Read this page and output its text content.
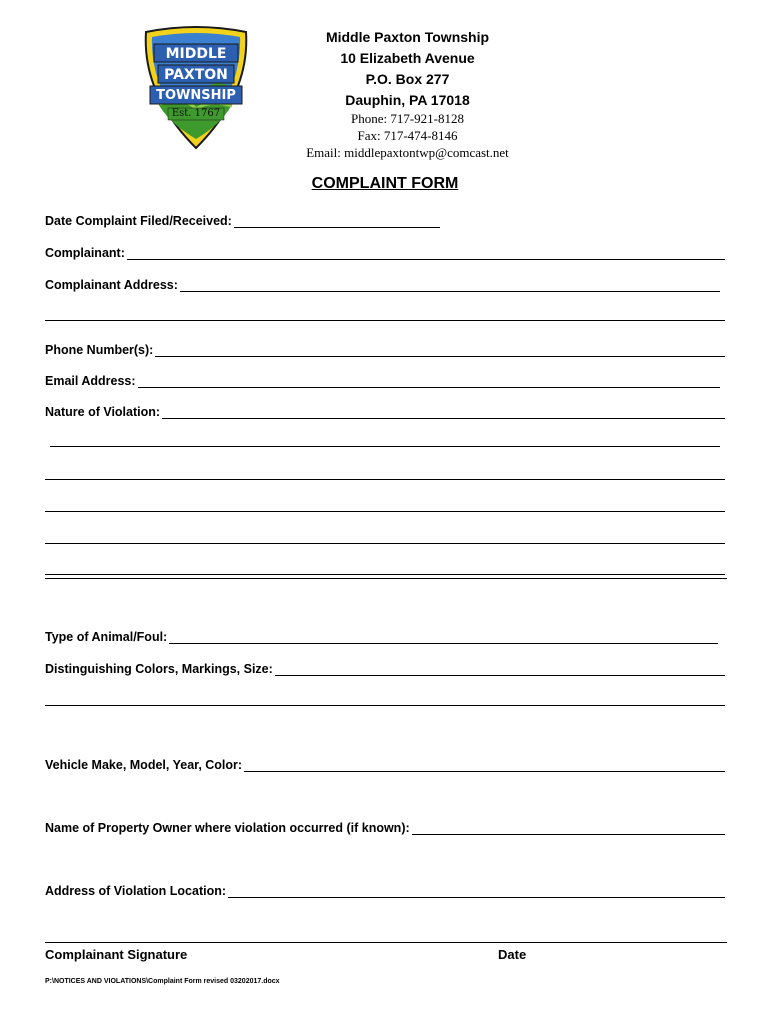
MIDDLE
PAXTON
TOWNSHIP
Est. 1767
Middle Paxton Township
10 Elizabeth Avenue
P.O. Box 277
Dauphin, PA 17018
Phone: 717-921-8128
Fax: 717-474-8146
Email: middlepaxtontwp@comcast.net
COMPLAINT FORM
Date Complaint Filed/Received:
Complainant:
Complainant Address:
Phone Number(s):
Email Address:
Nature of Violation:
Type of Animal/Foul:
Distinguishing Colors, Markings, Size:
Vehicle Make, Model, Year, Color:
Name of Property Owner where violation occurred (if known):
Address of Violation Location:
Complainant Signature	Date
P:\NOTICES AND VIOLATIONS\Complaint Form revised 03202017.docx
